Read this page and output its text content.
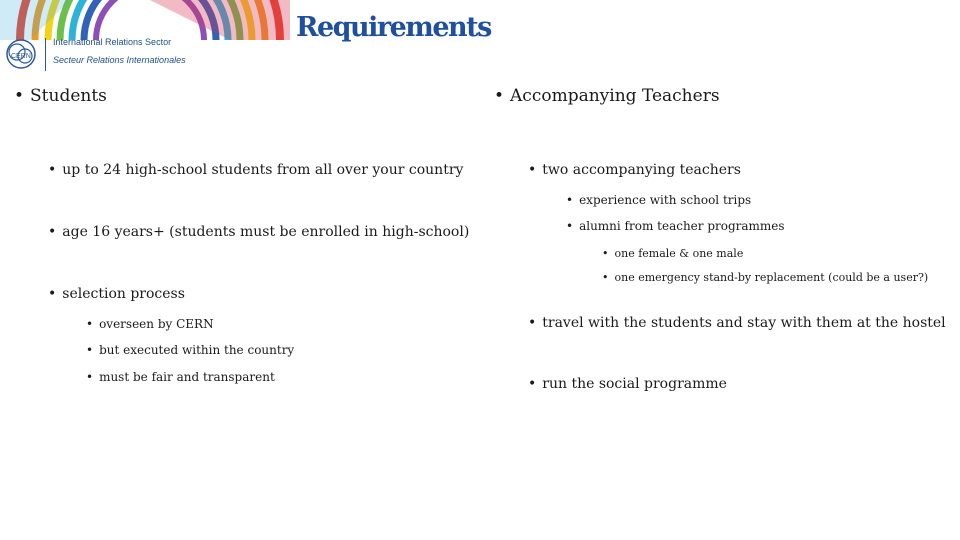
CERN
International Relations Sector
Secteur Relations Internationales
Requirements
• Students
• up to 24 high-school students from all over your country
• age 16 years+ (students must be enrolled in high-school)
• selection process
• overseen by CERN
• but executed within the country
• must be fair and transparent
• Accompanying Teachers
• two accompanying teachers
• experience with school trips
• alumni from teacher programmes
• one female & one male
• one emergency stand-by replacement (could be a user?)
• travel with the students and stay with them at the hostel
• run the social programme
